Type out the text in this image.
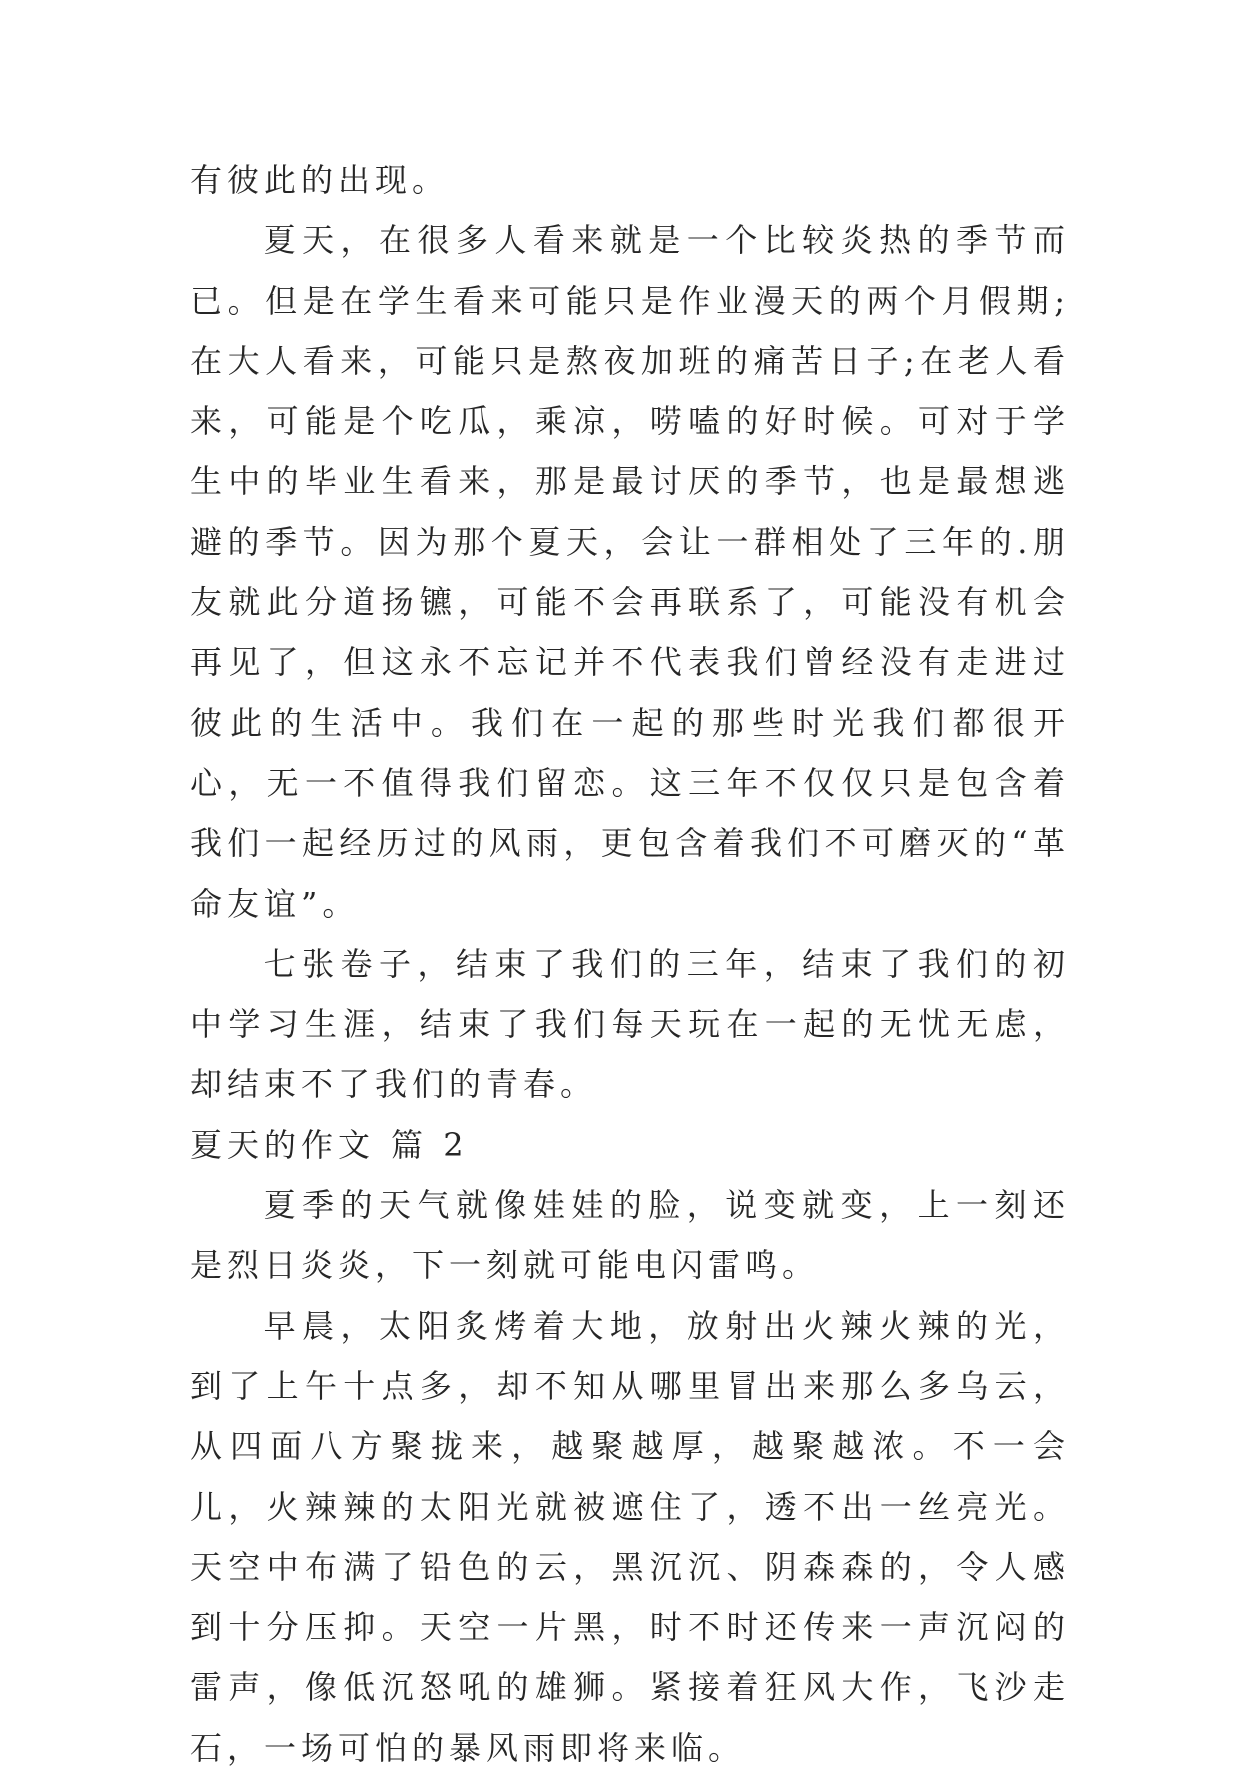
有彼此的出现。

夏天，在很多人看来就是一个比较炎热的季节而已。但是在学生看来可能只是作业漫天的两个月假期;在大人看来，可能只是熬夜加班的痛苦日子;在老人看来，可能是个吃瓜，乘凉，唠嗑的好时候。可对于学生中的毕业生看来，那是最讨厌的季节，也是最想逃避的季节。因为那个夏天，会让一群相处了三年的.朋友就此分道扬镳，可能不会再联系了，可能没有机会再见了，但这永不忘记并不代表我们曾经没有走进过彼此的生活中。我们在一起的那些时光我们都很开心，无一不值得我们留恋。这三年不仅仅只是包含着我们一起经历过的风雨，更包含着我们不可磨灭的“革命友谊”。

七张卷子，结束了我们的三年，结束了我们的初中学习生涯，结束了我们每天玩在一起的无忧无虑，却结束不了我们的青春。

夏天的作文 篇 2

夏季的天气就像娃娃的脸，说变就变，上一刻还是烈日炎炎，下一刻就可能电闪雷鸣。

早晨，太阳炙烤着大地，放射出火辣火辣的光，到了上午十点多，却不知从哪里冒出来那么多乌云，从四面八方聚拢来，越聚越厚，越聚越浓。不一会儿，火辣辣的太阳光就被遮住了，透不出一丝亮光。天空中布满了铅色的云，黑沉沉、阴森森的，令人感到十分压抑。天空一片黑，时不时还传来一声沉闷的雷声，像低沉怒吼的雄狮。紧接着狂风大作，飞沙走石，一场可怕的暴风雨即将来临。
